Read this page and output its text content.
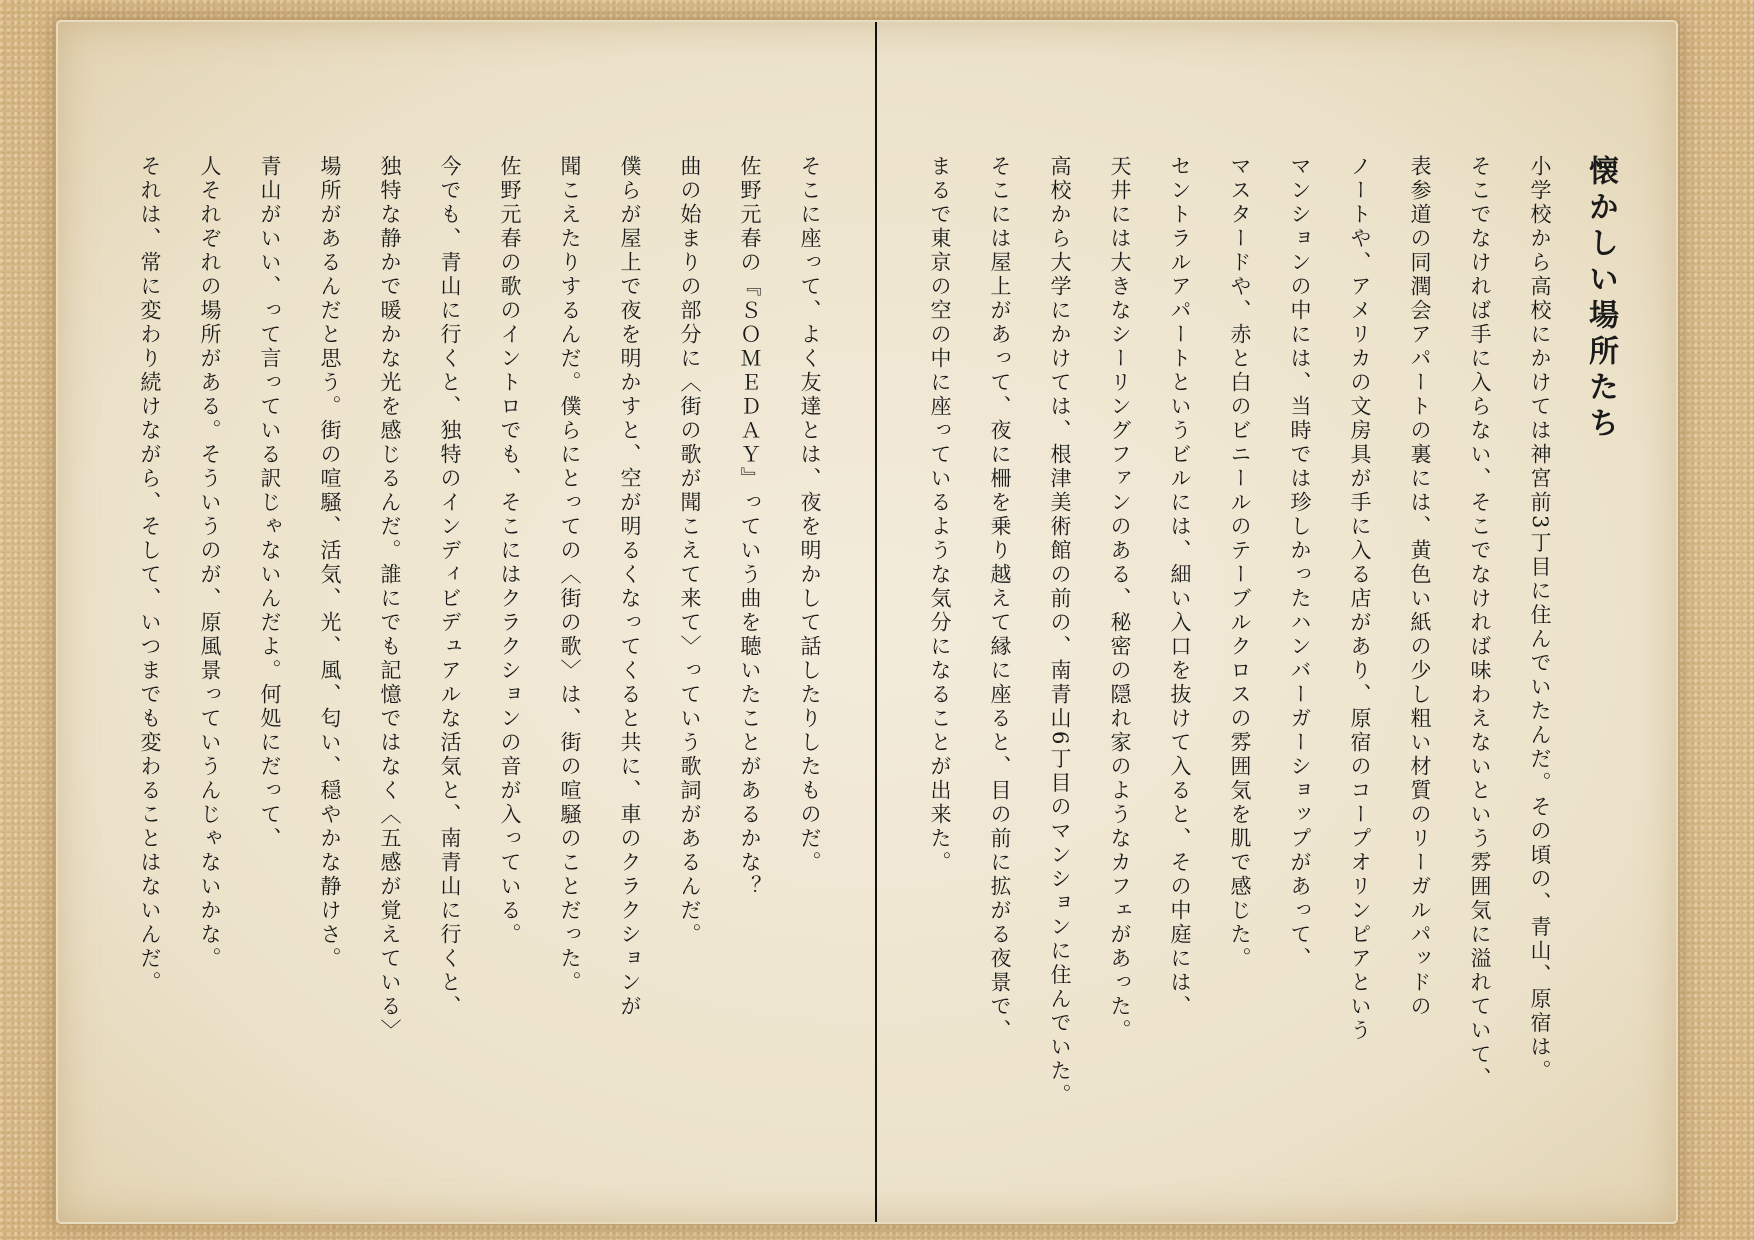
懐かしい場所たち

小学校から高校にかけては神宮前3丁目に住んでいたんだ。その頃の、青山、原宿は。

そこでなければ手に入らない、そこでなければ味わえないという雰囲気に溢れていて、

表参道の同潤会アパートの裏には、黄色い紙の少し粗い材質のリーガルパッドの

ノートや、アメリカの文房具が手に入る店があり、原宿のコープオリンピアという

マンションの中には、当時では珍しかったハンバーガーショップがあって、

マスタードや、赤と白のビニールのテーブルクロスの雰囲気を肌で感じた。

セントラルアパートというビルには、細い入口を抜けて入ると、その中庭には、

天井には大きなシーリングファンのある、秘密の隠れ家のようなカフェがあった。

高校から大学にかけては、根津美術館の前の、南青山6丁目のマンションに住んでいた。

そこには屋上があって、夜に柵を乗り越えて縁に座ると、目の前に拡がる夜景で、

まるで東京の空の中に座っているような気分になることが出来た。

そこに座って、よく友達とは、夜を明かして話したりしたものだ。

佐野元春の『ＳＯＭＥＤＡＹ』っていう曲を聴いたことがあるかな？

曲の始まりの部分に〈街の歌が聞こえて来て〉っていう歌詞があるんだ。

僕らが屋上で夜を明かすと、空が明るくなってくると共に、車のクラクションが

聞こえたりするんだ。僕らにとっての〈街の歌〉は、街の喧騒のことだった。

佐野元春の歌のイントロでも、そこにはクラクションの音が入っている。

今でも、青山に行くと、独特のインディビデュアルな活気と、南青山に行くと、

独特な静かで暖かな光を感じるんだ。誰にでも記憶ではなく〈五感が覚えている〉

場所があるんだと思う。街の喧騒、活気、光、風、匂い、穏やかな静けさ。

青山がいい、って言っている訳じゃないんだよ。何処にだって、

人それぞれの場所がある。そういうのが、原風景っていうんじゃないかな。

それは、常に変わり続けながら、そして、いつまでも変わることはないんだ。
